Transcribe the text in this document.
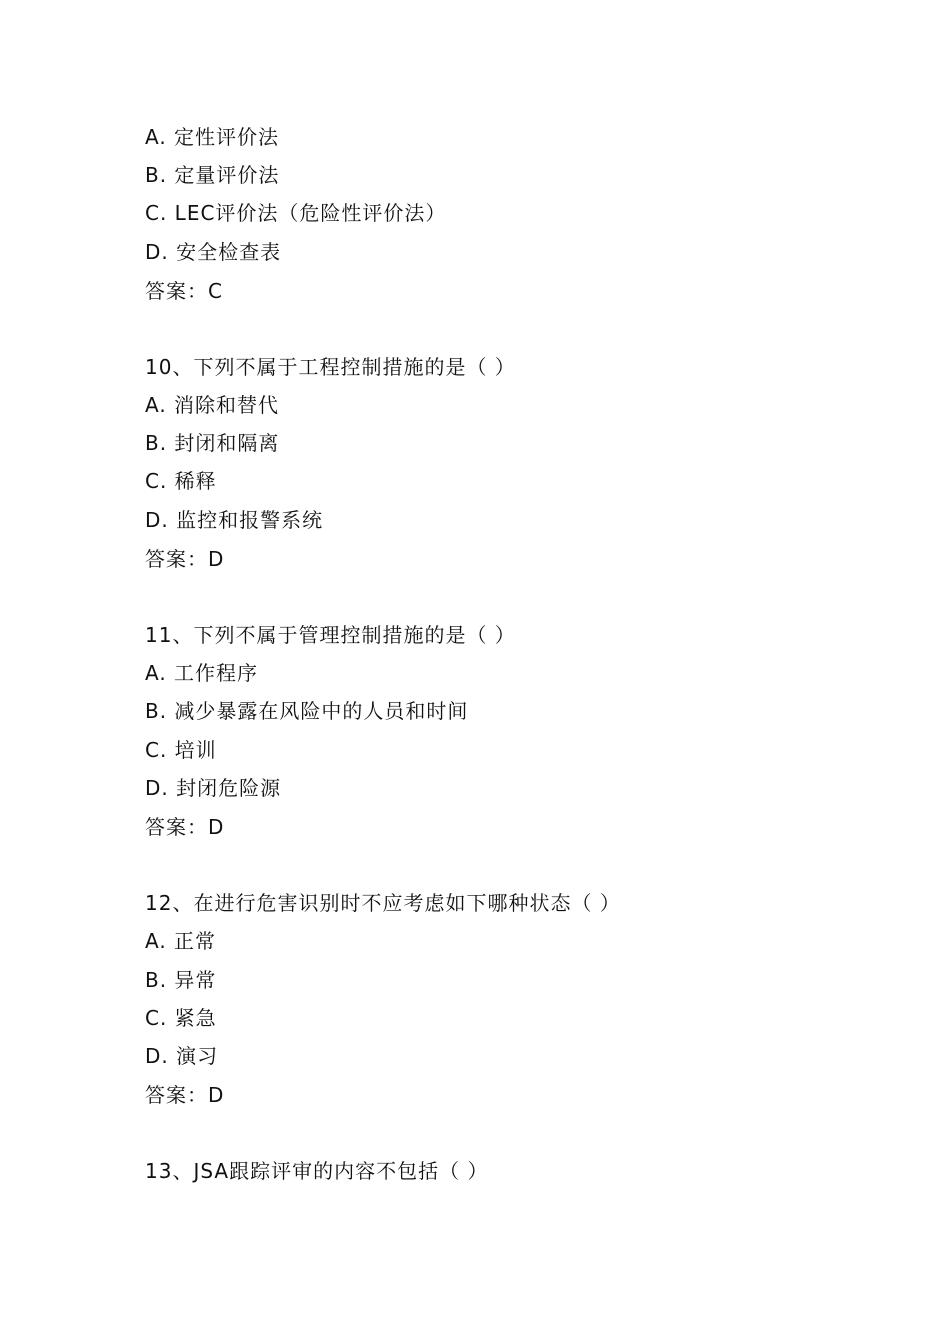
A. 定性评价法
B. 定量评价法
C. LEC评价法（危险性评价法）
D. 安全检查表
答案：C
10、下列不属于工程控制措施的是（ ）
A. 消除和替代
B. 封闭和隔离
C. 稀释
D. 监控和报警系统
答案：D
11、下列不属于管理控制措施的是（ ）
A. 工作程序
B. 减少暴露在风险中的人员和时间
C. 培训
D. 封闭危险源
答案：D
12、在进行危害识别时不应考虑如下哪种状态（ ）
A. 正常
B. 异常
C. 紧急
D. 演习
答案：D
13、JSA跟踪评审的内容不包括（ ）
